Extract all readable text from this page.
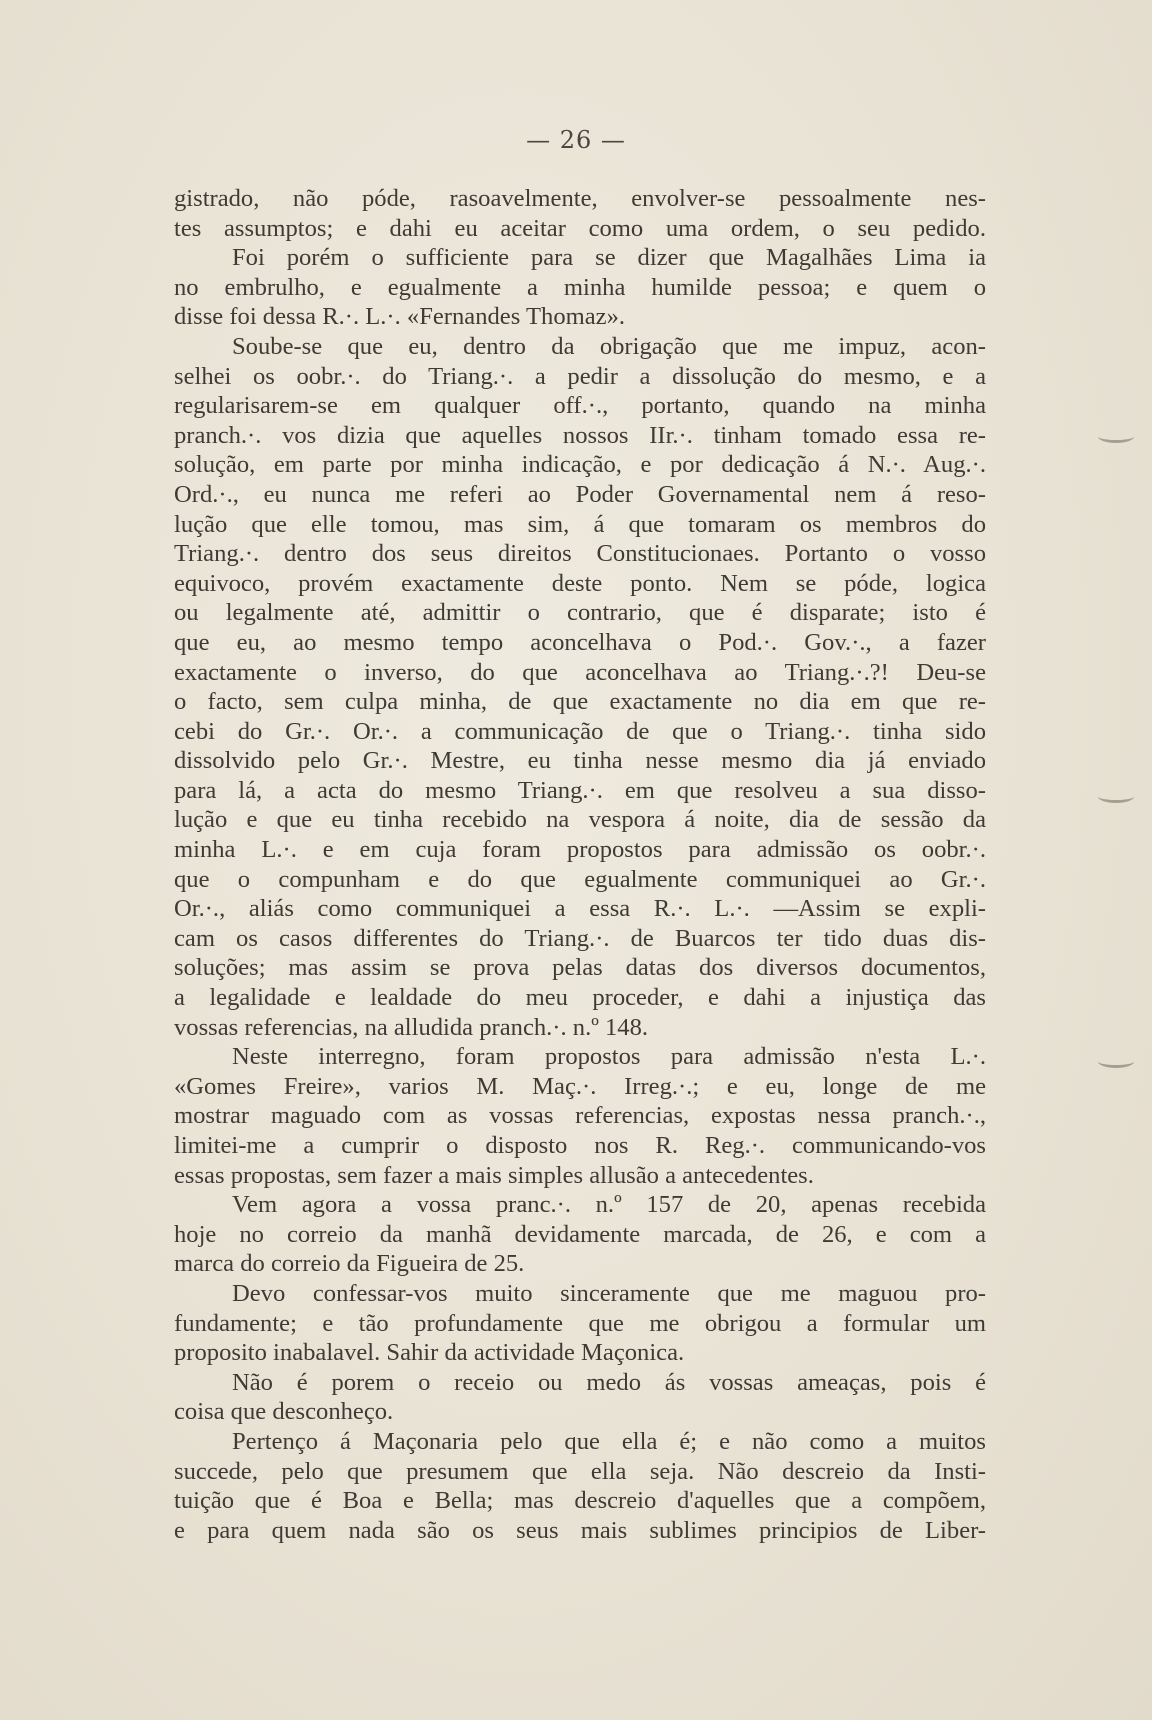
— 26 —
gistrado, não póde, rasoavelmente, envolver-se pessoalmente nes-
tes assumptos; e dahi eu aceitar como uma ordem, o seu pedido.
Foi porém o sufficiente para se dizer que Magalhães Lima ia
no embrulho, e egualmente a minha humilde pessoa; e quem o
disse foi dessa R.·. L.·. «Fernandes Thomaz».
Soube-se que eu, dentro da obrigação que me impuz, acon-
selhei os oobr.·. do Triang.·. a pedir a dissolução do mesmo, e a
regularisarem-se em qualquer off.·., portanto, quando na minha
pranch.·. vos dizia que aquelles nossos IIr.·. tinham tomado essa re-
solução, em parte por minha indicação, e por dedicação á N.·. Aug.·.
Ord.·., eu nunca me referi ao Poder Governamental nem á reso-
lução que elle tomou, mas sim, á que tomaram os membros do
Triang.·. dentro dos seus direitos Constitucionaes. Portanto o vosso
equivoco, provém exactamente deste ponto. Nem se póde, logica
ou legalmente até, admittir o contrario, que é disparate; isto é
que eu, ao mesmo tempo aconcelhava o Pod.·. Gov.·., a fazer
exactamente o inverso, do que aconcelhava ao Triang.·.?! Deu-se
o facto, sem culpa minha, de que exactamente no dia em que re-
cebi do Gr.·. Or.·. a communicação de que o Triang.·. tinha sido
dissolvido pelo Gr.·. Mestre, eu tinha nesse mesmo dia já enviado
para lá, a acta do mesmo Triang.·. em que resolveu a sua disso-
lução e que eu tinha recebido na vespora á noite, dia de sessão da
minha L.·. e em cuja foram propostos para admissão os oobr.·.
que o compunham e do que egualmente communiquei ao Gr.·.
Or.·., aliás como communiquei a essa R.·. L.·. —Assim se expli-
cam os casos differentes do Triang.·. de Buarcos ter tido duas dis-
soluções; mas assim se prova pelas datas dos diversos documentos,
a legalidade e lealdade do meu proceder, e dahi a injustiça das
vossas referencias, na alludida pranch.·. n.º 148.
Neste interregno, foram propostos para admissão n'esta L.·.
«Gomes Freire», varios M. Maç.·. Irreg.·.; e eu, longe de me
mostrar maguado com as vossas referencias, expostas nessa pranch.·.,
limitei-me a cumprir o disposto nos R. Reg.·. communicando-vos
essas propostas, sem fazer a mais simples allusão a antecedentes.
Vem agora a vossa pranc.·. n.º 157 de 20, apenas recebida
hoje no correio da manhã devidamente marcada, de 26, e com a
marca do correio da Figueira de 25.
Devo confessar-vos muito sinceramente que me maguou pro-
fundamente; e tão profundamente que me obrigou a formular um
proposito inabalavel. Sahir da actividade Maçonica.
Não é porem o receio ou medo ás vossas ameaças, pois é
coisa que desconheço.
Pertenço á Maçonaria pelo que ella é; e não como a muitos
succede, pelo que presumem que ella seja. Não descreio da Insti-
tuição que é Boa e Bella; mas descreio d'aquelles que a compõem,
e para quem nada são os seus mais sublimes principios de Liber-
